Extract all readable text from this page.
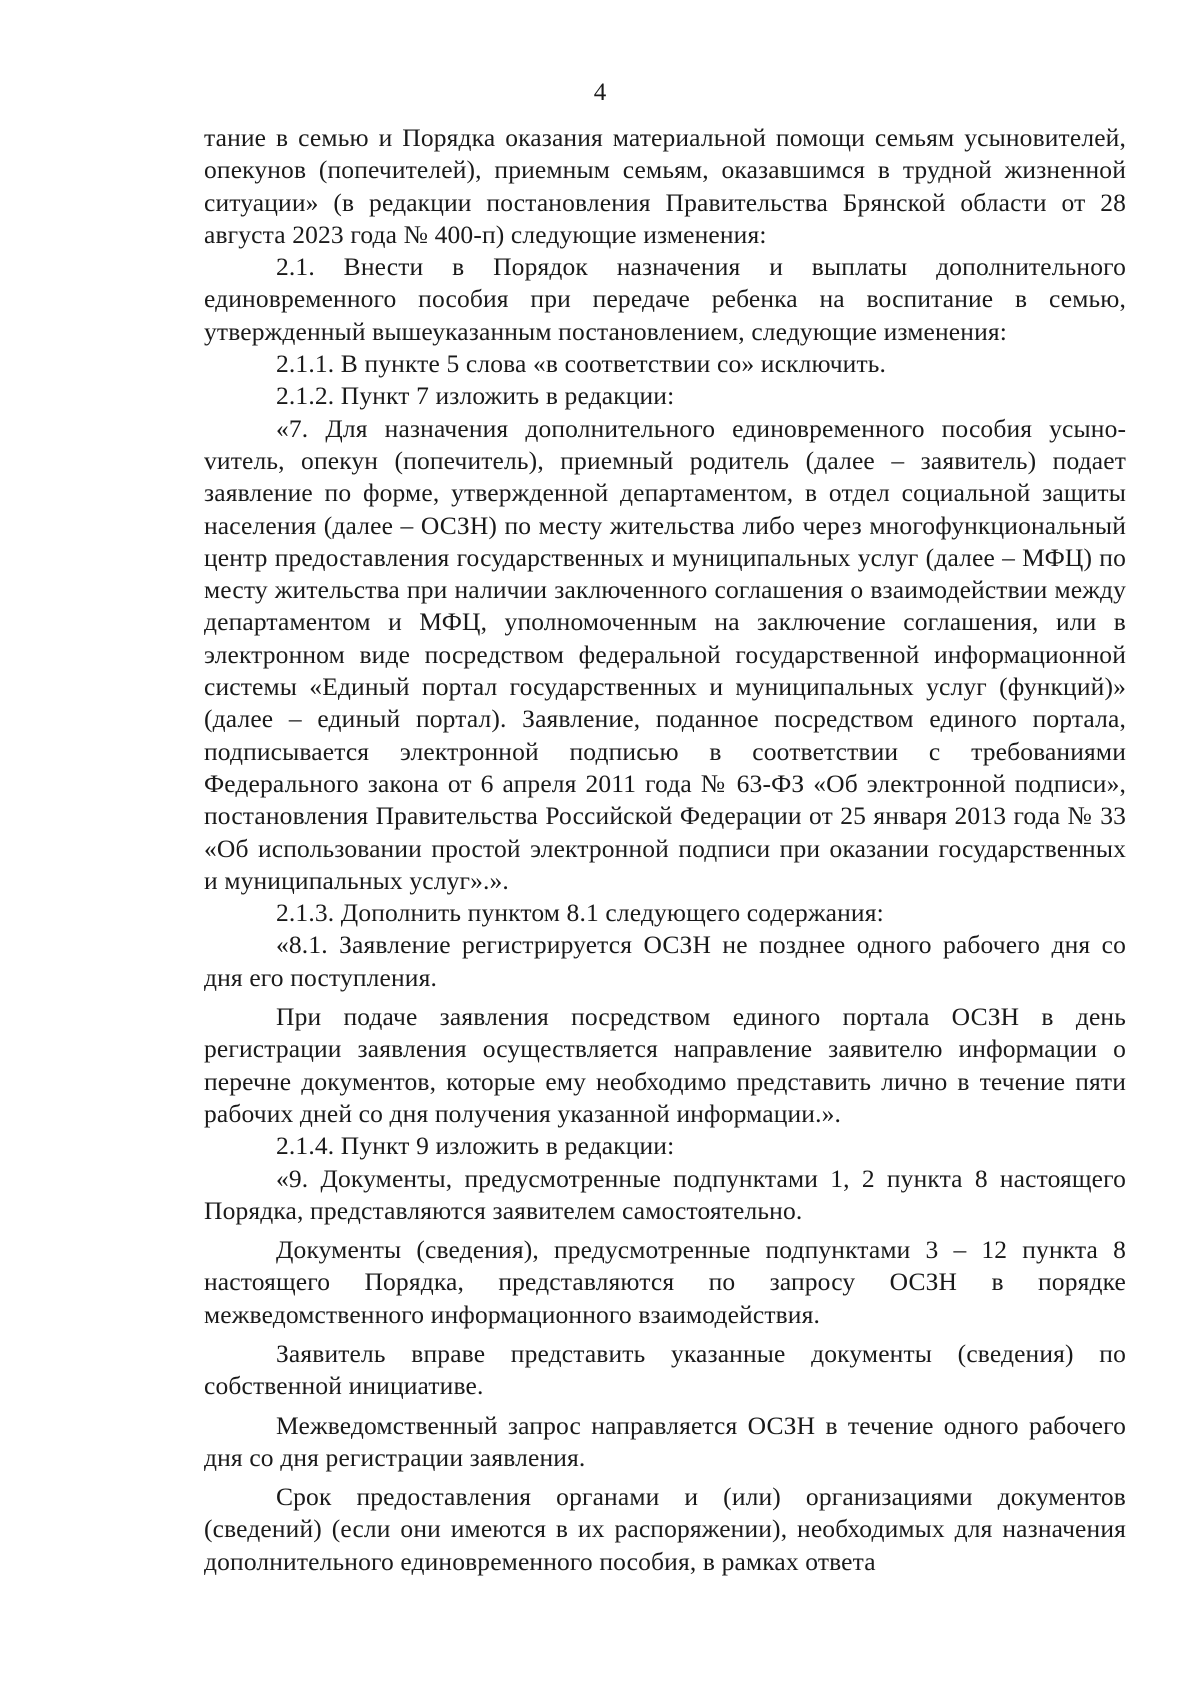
4

тание в семью и Порядка оказания материальной помощи семьям усыновителей, опекунов (попечителей), приемным семьям, оказавшимся в трудной жизненной ситуации» (в редакции постановления Правительства Брянской области от 28 августа 2023 года № 400-п) следующие изменения:

2.1. Внести в Порядок назначения и выплаты дополнительного единовременного пособия при передаче ребенка на воспитание в семью, утвержденный вышеуказанным постановлением, следующие изменения:

2.1.1. В пункте 5 слова «в соответствии со» исключить.

2.1.2. Пункт 7 изложить в редакции:

«7. Для назначения дополнительного единовременного пособия усыноvитель, опекун (попечитель), приемный родитель (далее – заявитель) подает заявление по форме, утвержденной департаментом, в отдел социальной защиты населения (далее – ОСЗН) по месту жительства либо через многофункциональный центр предоставления государственных и муниципальных услуг (далее – МФЦ) по месту жительства при наличии заключенного соглашения о взаимодействии между департаментом и МФЦ, уполномоченным на заключение соглашения, или в электронном виде посредством федеральной государственной информационной системы «Единый портал государственных и муниципальных услуг (функций)» (далее – единый портал). Заявление, поданное посредством единого портала, подписывается электронной подписью в соответствии с требованиями Федерального закона от 6 апреля 2011 года № 63-ФЗ «Об электронной подписи», постановления Правительства Российской Федерации от 25 января 2013 года № 33 «Об использовании простой электронной подписи при оказании государственных и муниципальных услуг».».

2.1.3. Дополнить пунктом 8.1 следующего содержания:

«8.1. Заявление регистрируется ОСЗН не позднее одного рабочего дня со дня его поступления.

При подаче заявления посредством единого портала ОСЗН в день регистрации заявления осуществляется направление заявителю информации о перечне документов, которые ему необходимо представить лично в течение пяти рабочих дней со дня получения указанной информации.».

2.1.4. Пункт 9 изложить в редакции:

«9. Документы, предусмотренные подпунктами 1, 2 пункта 8 настоящего Порядка, представляются заявителем самостоятельно.

Документы (сведения), предусмотренные подпунктами 3 – 12 пункта 8 настоящего Порядка, представляются по запросу ОСЗН в порядке межведомственного информационного взаимодействия.

Заявитель вправе представить указанные документы (сведения) по собственной инициативе.

Межведомственный запрос направляется ОСЗН в течение одного рабочего дня со дня регистрации заявления.

Срок предоставления органами и (или) организациями документов (сведений) (если они имеются в их распоряжении), необходимых для назначения дополнительного единовременного пособия, в рамках ответа
